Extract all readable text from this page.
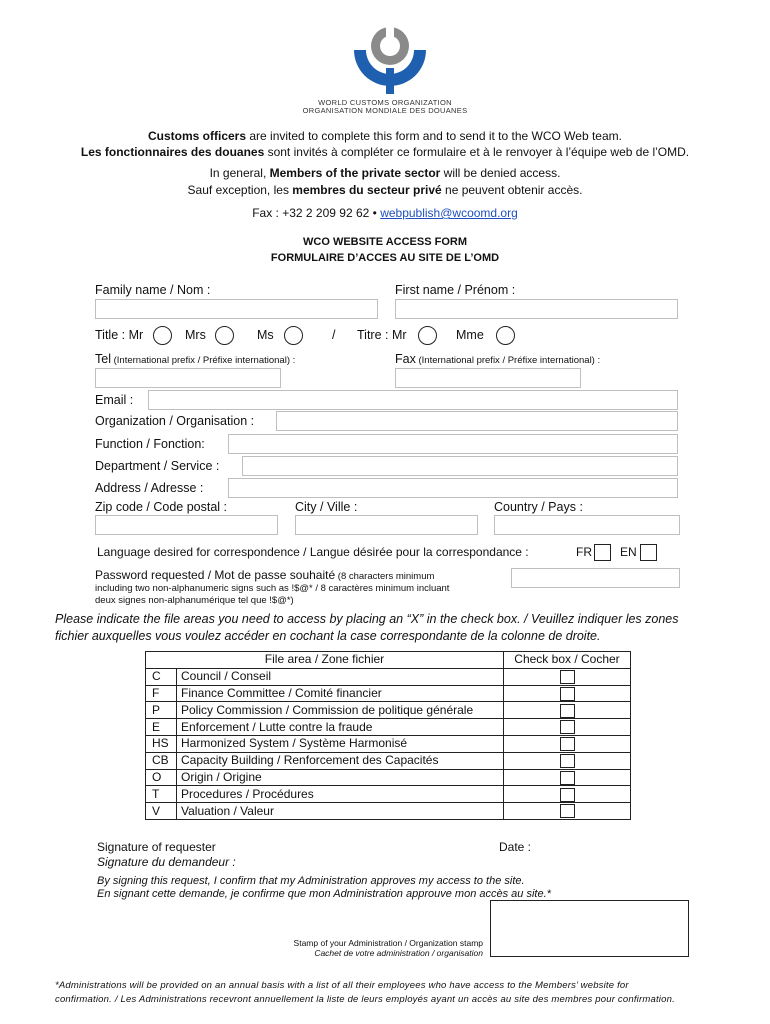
WORLD CUSTOMS ORGANIZATION
ORGANISATION MONDIALE DES DOUANES
Customs officers are invited to complete this form and to send it to the WCO Web team.
Les fonctionnaires des douanes sont invités à compléter ce formulaire et à le renvoyer à l’équipe web de l’OMD.
In general, Members of the private sector will be denied access.
Sauf exception, les membres du secteur privé ne peuvent obtenir accès.
Fax : +32 2 209 92 62 • webpublish@wcoomd.org
WCO WEBSITE ACCESS FORM
FORMULAIRE D’ACCES AU SITE DE L’OMD
Family name / Nom :	First name / Prénom :
Title : Mr	Mrs	Ms	/ Titre : Mr	Mme
Tel (International prefix / Préfixe international) :	Fax (International prefix / Préfixe international) :
Email :
Organization / Organisation :
Function / Fonction:
Department / Service :
Address / Adresse :
Zip code / Code postal :	City / Ville :	Country / Pays :
Language desired for correspondence / Langue désirée pour la correspondance :	FR EN
Password requested / Mot de passe souhaité (8 characters minimum
including two non-alphanumeric signs such as !$@* / 8 caractères minimum incluant
deux signes non-alphanumérique tel que !$@*)
Please indicate the file areas you need to access by placing an “X” in the check box. / Veuillez indiquer les zones
fichier auxquelles vous voulez accéder en cochant la case correspondante de la colonne de droite.
File area / Zone fichier		Check box / Cocher
C	Council / Conseil	
F	Finance Committee / Comité financier	
P	Policy Commission / Commission de politique générale	
E	Enforcement / Lutte contre la fraude	
HS	Harmonized System / Système Harmonisé	
CB	Capacity Building / Renforcement des Capacités	
O	Origin / Origine	
T	Procedures / Procédures	
V	Valuation / Valeur	
Signature of requester
Signature du demandeur :
Date :
By signing this request, I confirm that my Administration approves my access to the site.
En signant cette demande, je confirme que mon Administration approuve mon accès au site.*
Stamp of your Administration / Organization stamp
Cachet de votre administration / organisation
*Administrations will be provided on an annual basis with a list of all their employees who have access to the Members’ website for
confirmation. / Les Administrations recevront annuellement la liste de leurs employés ayant un accès au site des membres pour confirmation.
